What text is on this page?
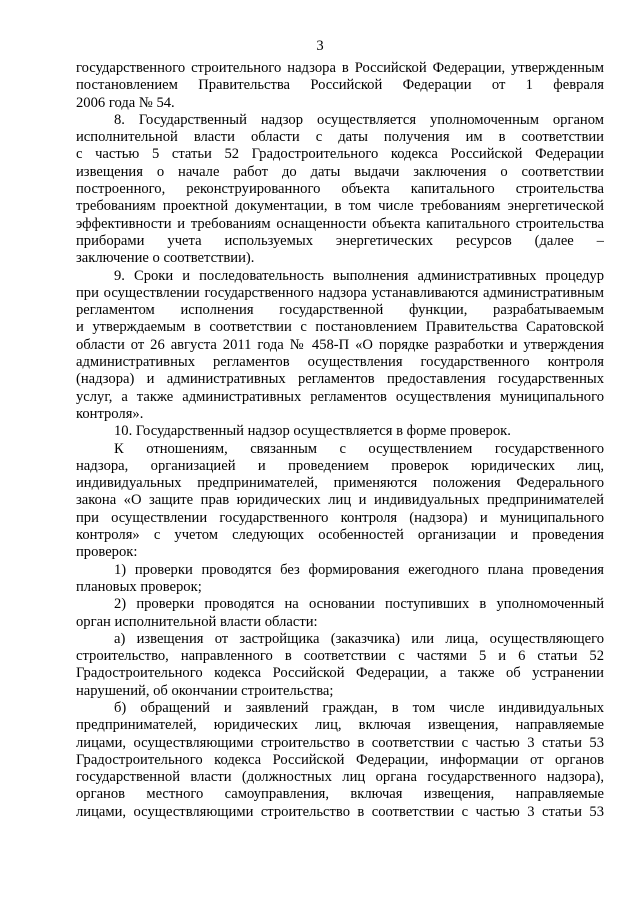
3
государственного строительного надзора в Российской Федерации, утвержденным
постановлением Правительства Российской Федерации от 1 февраля
2006 года № 54.
8. Государственный надзор осуществляется уполномоченным органом
исполнительной власти области с даты получения им в соответствии
с частью 5 статьи 52 Градостроительного кодекса Российской Федерации
извещения о начале работ до даты выдачи заключения о соответствии
построенного, реконструированного объекта капитального строительства
требованиям проектной документации, в том числе требованиям энергетической
эффективности и требованиям оснащенности объекта капитального строительства
приборами учета используемых энергетических ресурсов (далее –
заключение о соответствии).
9. Сроки и последовательность выполнения административных процедур
при осуществлении государственного надзора устанавливаются административным
регламентом исполнения государственной функции, разрабатываемым
и утверждаемым в соответствии с постановлением Правительства Саратовской
области от 26 августа 2011 года № 458-П «О порядке разработки и утверждения
административных регламентов осуществления государственного контроля
(надзора) и административных регламентов предоставления государственных
услуг, а также административных регламентов осуществления муниципального
контроля».
10. Государственный надзор осуществляется в форме проверок.
К отношениям, связанным с осуществлением государственного
надзора, организацией и проведением проверок юридических лиц,
индивидуальных предпринимателей, применяются положения Федерального
закона «О защите прав юридических лиц и индивидуальных предпринимателей
при осуществлении государственного контроля (надзора) и муниципального
контроля» с учетом следующих особенностей организации и проведения
проверок:
1) проверки проводятся без формирования ежегодного плана проведения
плановых проверок;
2) проверки проводятся на основании поступивших в уполномоченный
орган исполнительной власти области:
а) извещения от застройщика (заказчика) или лица, осуществляющего
строительство, направленного в соответствии с частями 5 и 6 статьи 52
Градостроительного кодекса Российской Федерации, а также об устранении
нарушений, об окончании строительства;
б) обращений и заявлений граждан, в том числе индивидуальных
предпринимателей, юридических лиц, включая извещения, направляемые
лицами, осуществляющими строительство в соответствии с частью 3 статьи 53
Градостроительного кодекса Российской Федерации, информации от органов
государственной власти (должностных лиц органа государственного надзора),
органов местного самоуправления, включая извещения, направляемые
лицами, осуществляющими строительство в соответствии с частью 3 статьи 53
